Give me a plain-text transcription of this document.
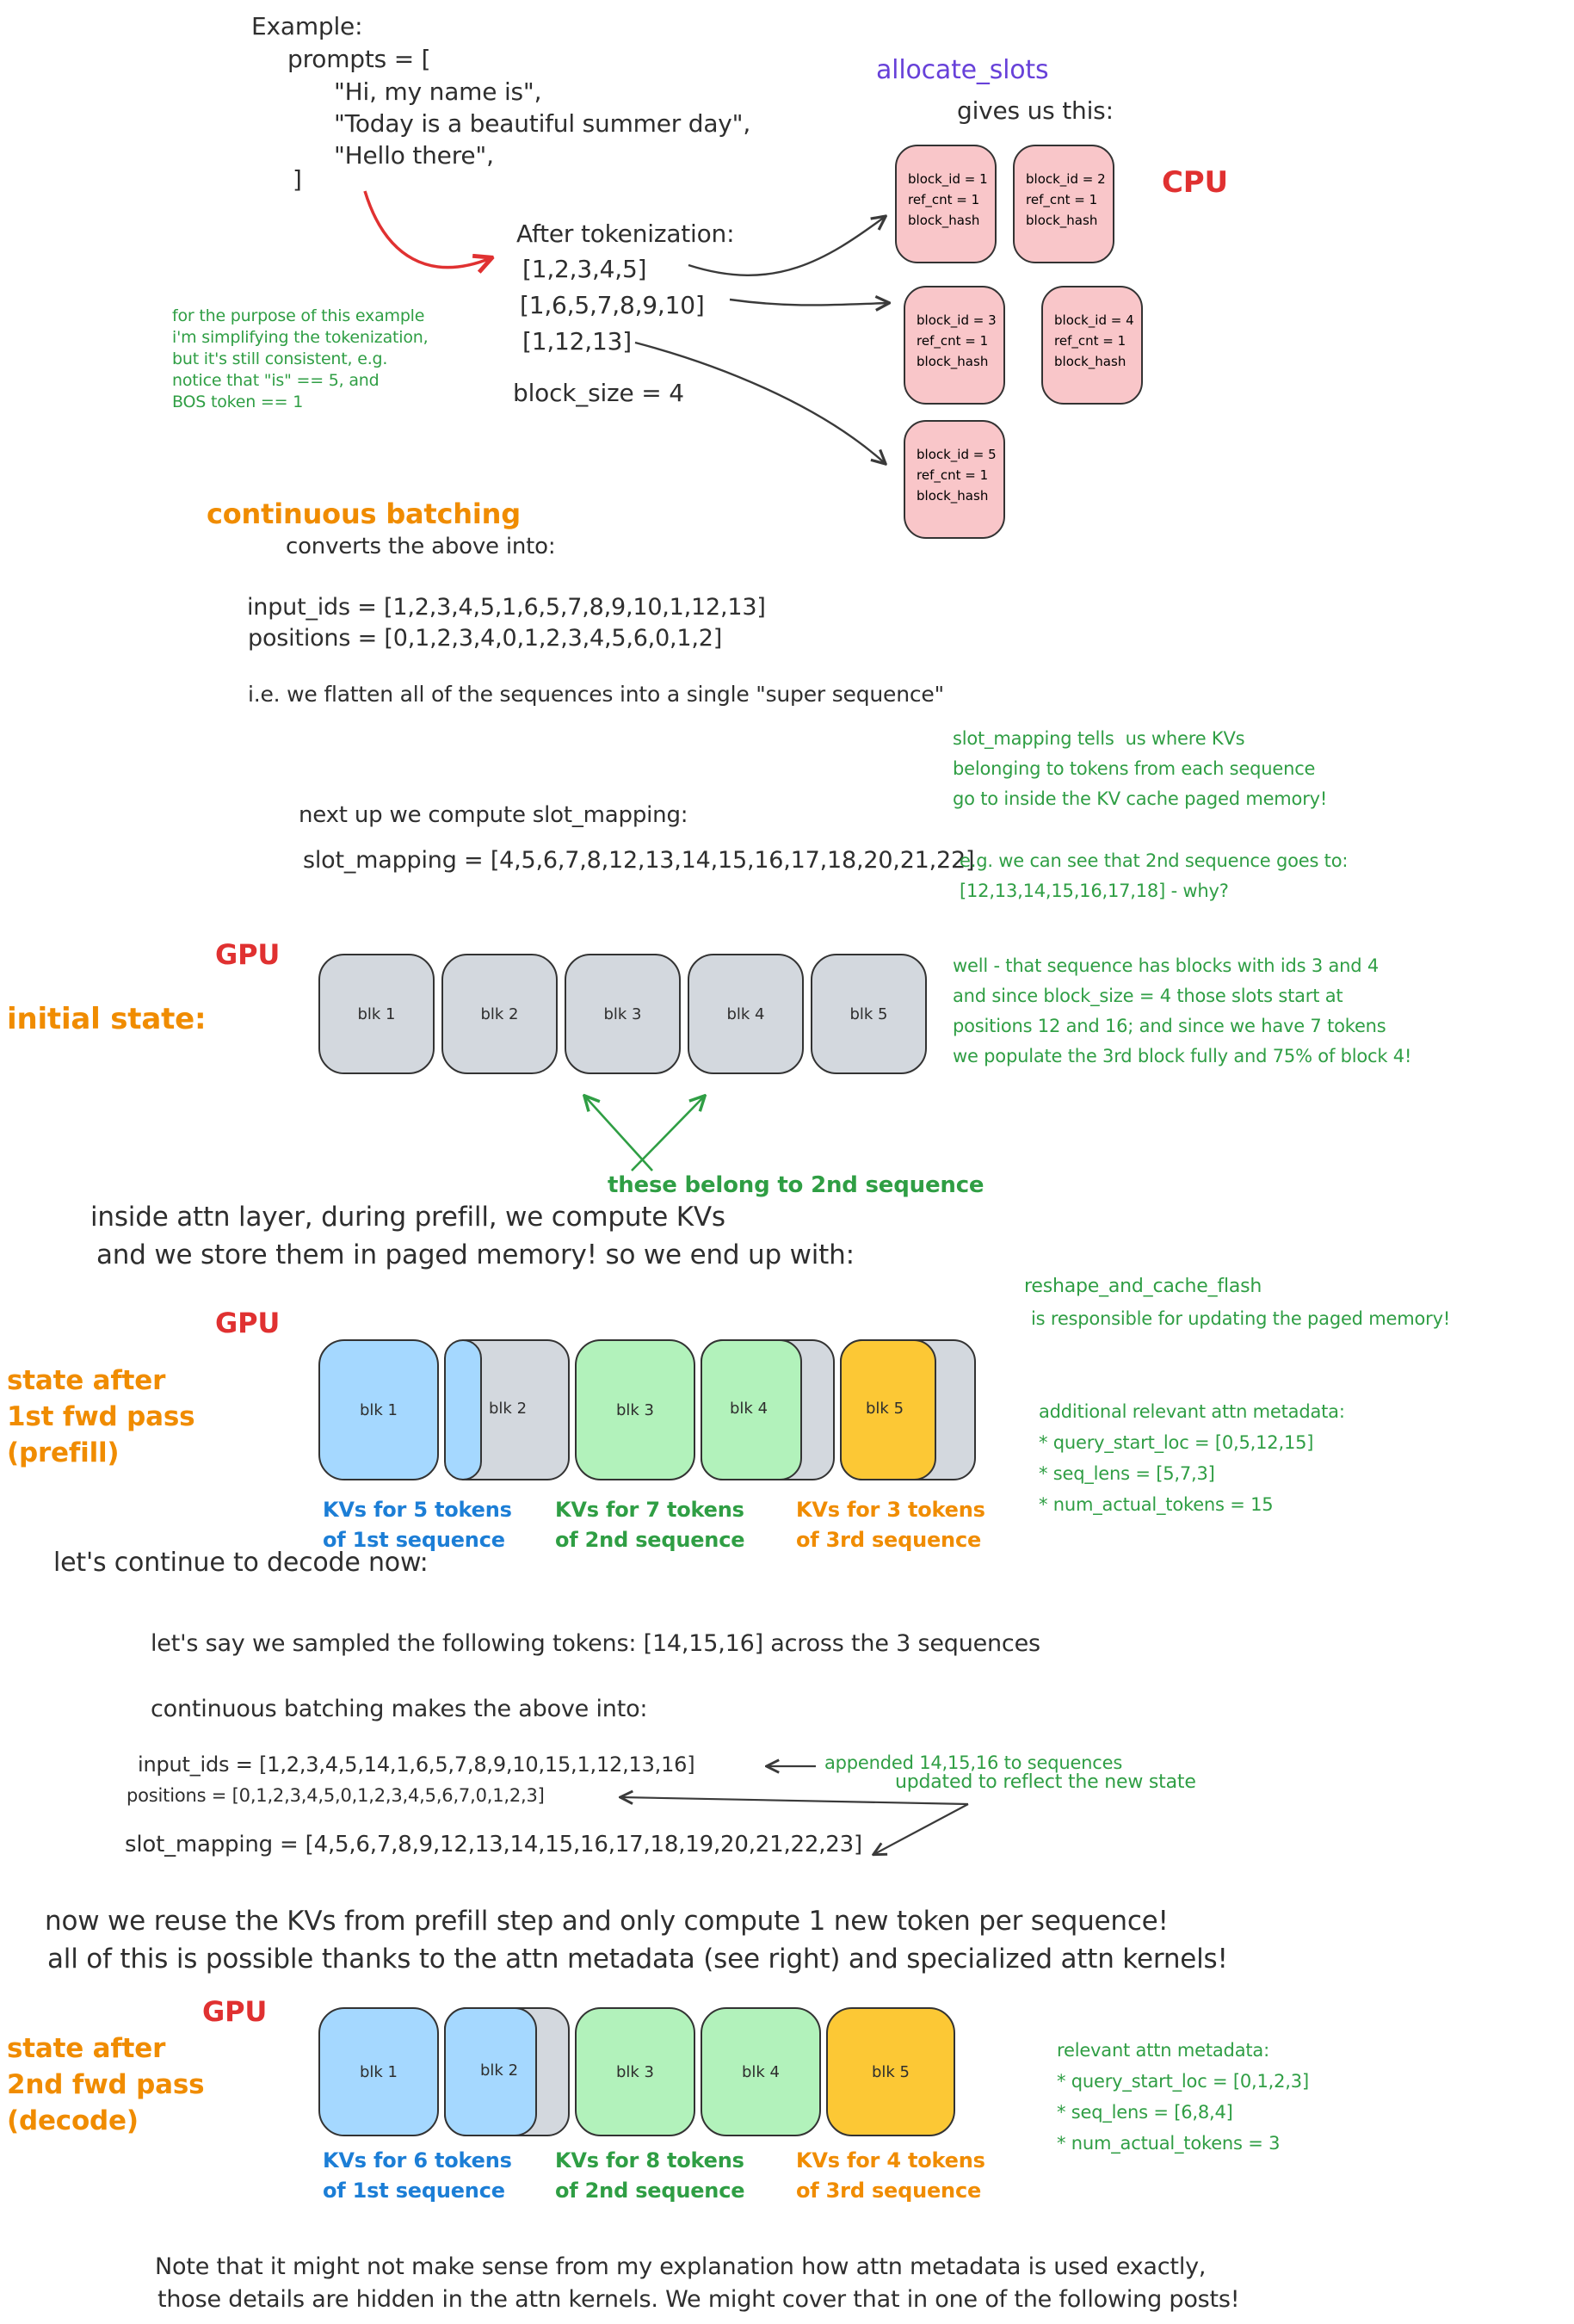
Example:
prompts = [
"Hi, my name is",
"Today is a beautiful summer day",
"Hello there",
]
After tokenization:
[1,2,3,4,5]
[1,6,5,7,8,9,10]
[1,12,13]
block_size = 4
for the purpose of this example
i'm simplifying the tokenization,
but it's still consistent, e.g.
notice that "is" == 5, and
BOS token == 1
allocate_slots
gives us this:
CPU
block_id = 1
ref_cnt = 1
block_hash
block_id = 2
ref_cnt = 1
block_hash
block_id = 3
ref_cnt = 1
block_hash
block_id = 4
ref_cnt = 1
block_hash
block_id = 5
ref_cnt = 1
block_hash
continuous batching
converts the above into:
input_ids = [1,2,3,4,5,1,6,5,7,8,9,10,1,12,13]
positions = [0,1,2,3,4,0,1,2,3,4,5,6,0,1,2]
i.e. we flatten all of the sequences into a single "super sequence"
next up we compute slot_mapping:
slot_mapping = [4,5,6,7,8,12,13,14,15,16,17,18,20,21,22]
slot_mapping tells  us where KVs
belonging to tokens from each sequence
go to inside the KV cache paged memory!
e.g. we can see that 2nd sequence goes to:
[12,13,14,15,16,17,18] - why?
GPU
initial state:	blk 1	blk 2	blk 3	blk 4	blk 5
these belong to 2nd sequence
well - that sequence has blocks with ids 3 and 4
and since block_size = 4 those slots start at
positions 12 and 16; and since we have 7 tokens
we populate the 3rd block fully and 75% of block 4!
inside attn layer, during prefill, we compute KVs
and we store them in paged memory! so we end up with:
GPU
state after
1st fwd pass
(prefill)
blk 1	blk 2	blk 3	blk 4	blk 5
KVs for 5 tokens
of 1st sequence
KVs for 7 tokens
of 2nd sequence
KVs for 3 tokens
of 3rd sequence
reshape_and_cache_flash
is responsible for updating the paged memory!
additional relevant attn metadata:
* query_start_loc = [0,5,12,15]
* seq_lens = [5,7,3]
* num_actual_tokens = 15
let's continue to decode now:
let's say we sampled the following tokens: [14,15,16] across the 3 sequences
continuous batching makes the above into:
input_ids = [1,2,3,4,5,14,1,6,5,7,8,9,10,15,1,12,13,16]	appended 14,15,16 to sequences
positions = [0,1,2,3,4,5,0,1,2,3,4,5,6,7,0,1,2,3]
updated to reflect the new state
slot_mapping = [4,5,6,7,8,9,12,13,14,15,16,17,18,19,20,21,22,23]
now we reuse the KVs from prefill step and only compute 1 new token per sequence!
all of this is possible thanks to the attn metadata (see right) and specialized attn kernels!
GPU
state after
2nd fwd pass
(decode)
blk 1	blk 2	blk 3	blk 4	blk 5
KVs for 6 tokens
of 1st sequence
KVs for 8 tokens
of 2nd sequence
KVs for 4 tokens
of 3rd sequence
relevant attn metadata:
* query_start_loc = [0,1,2,3]
* seq_lens = [6,8,4]
* num_actual_tokens = 3
Note that it might not make sense from my explanation how attn metadata is used exactly,
those details are hidden in the attn kernels. We might cover that in one of the following posts!
